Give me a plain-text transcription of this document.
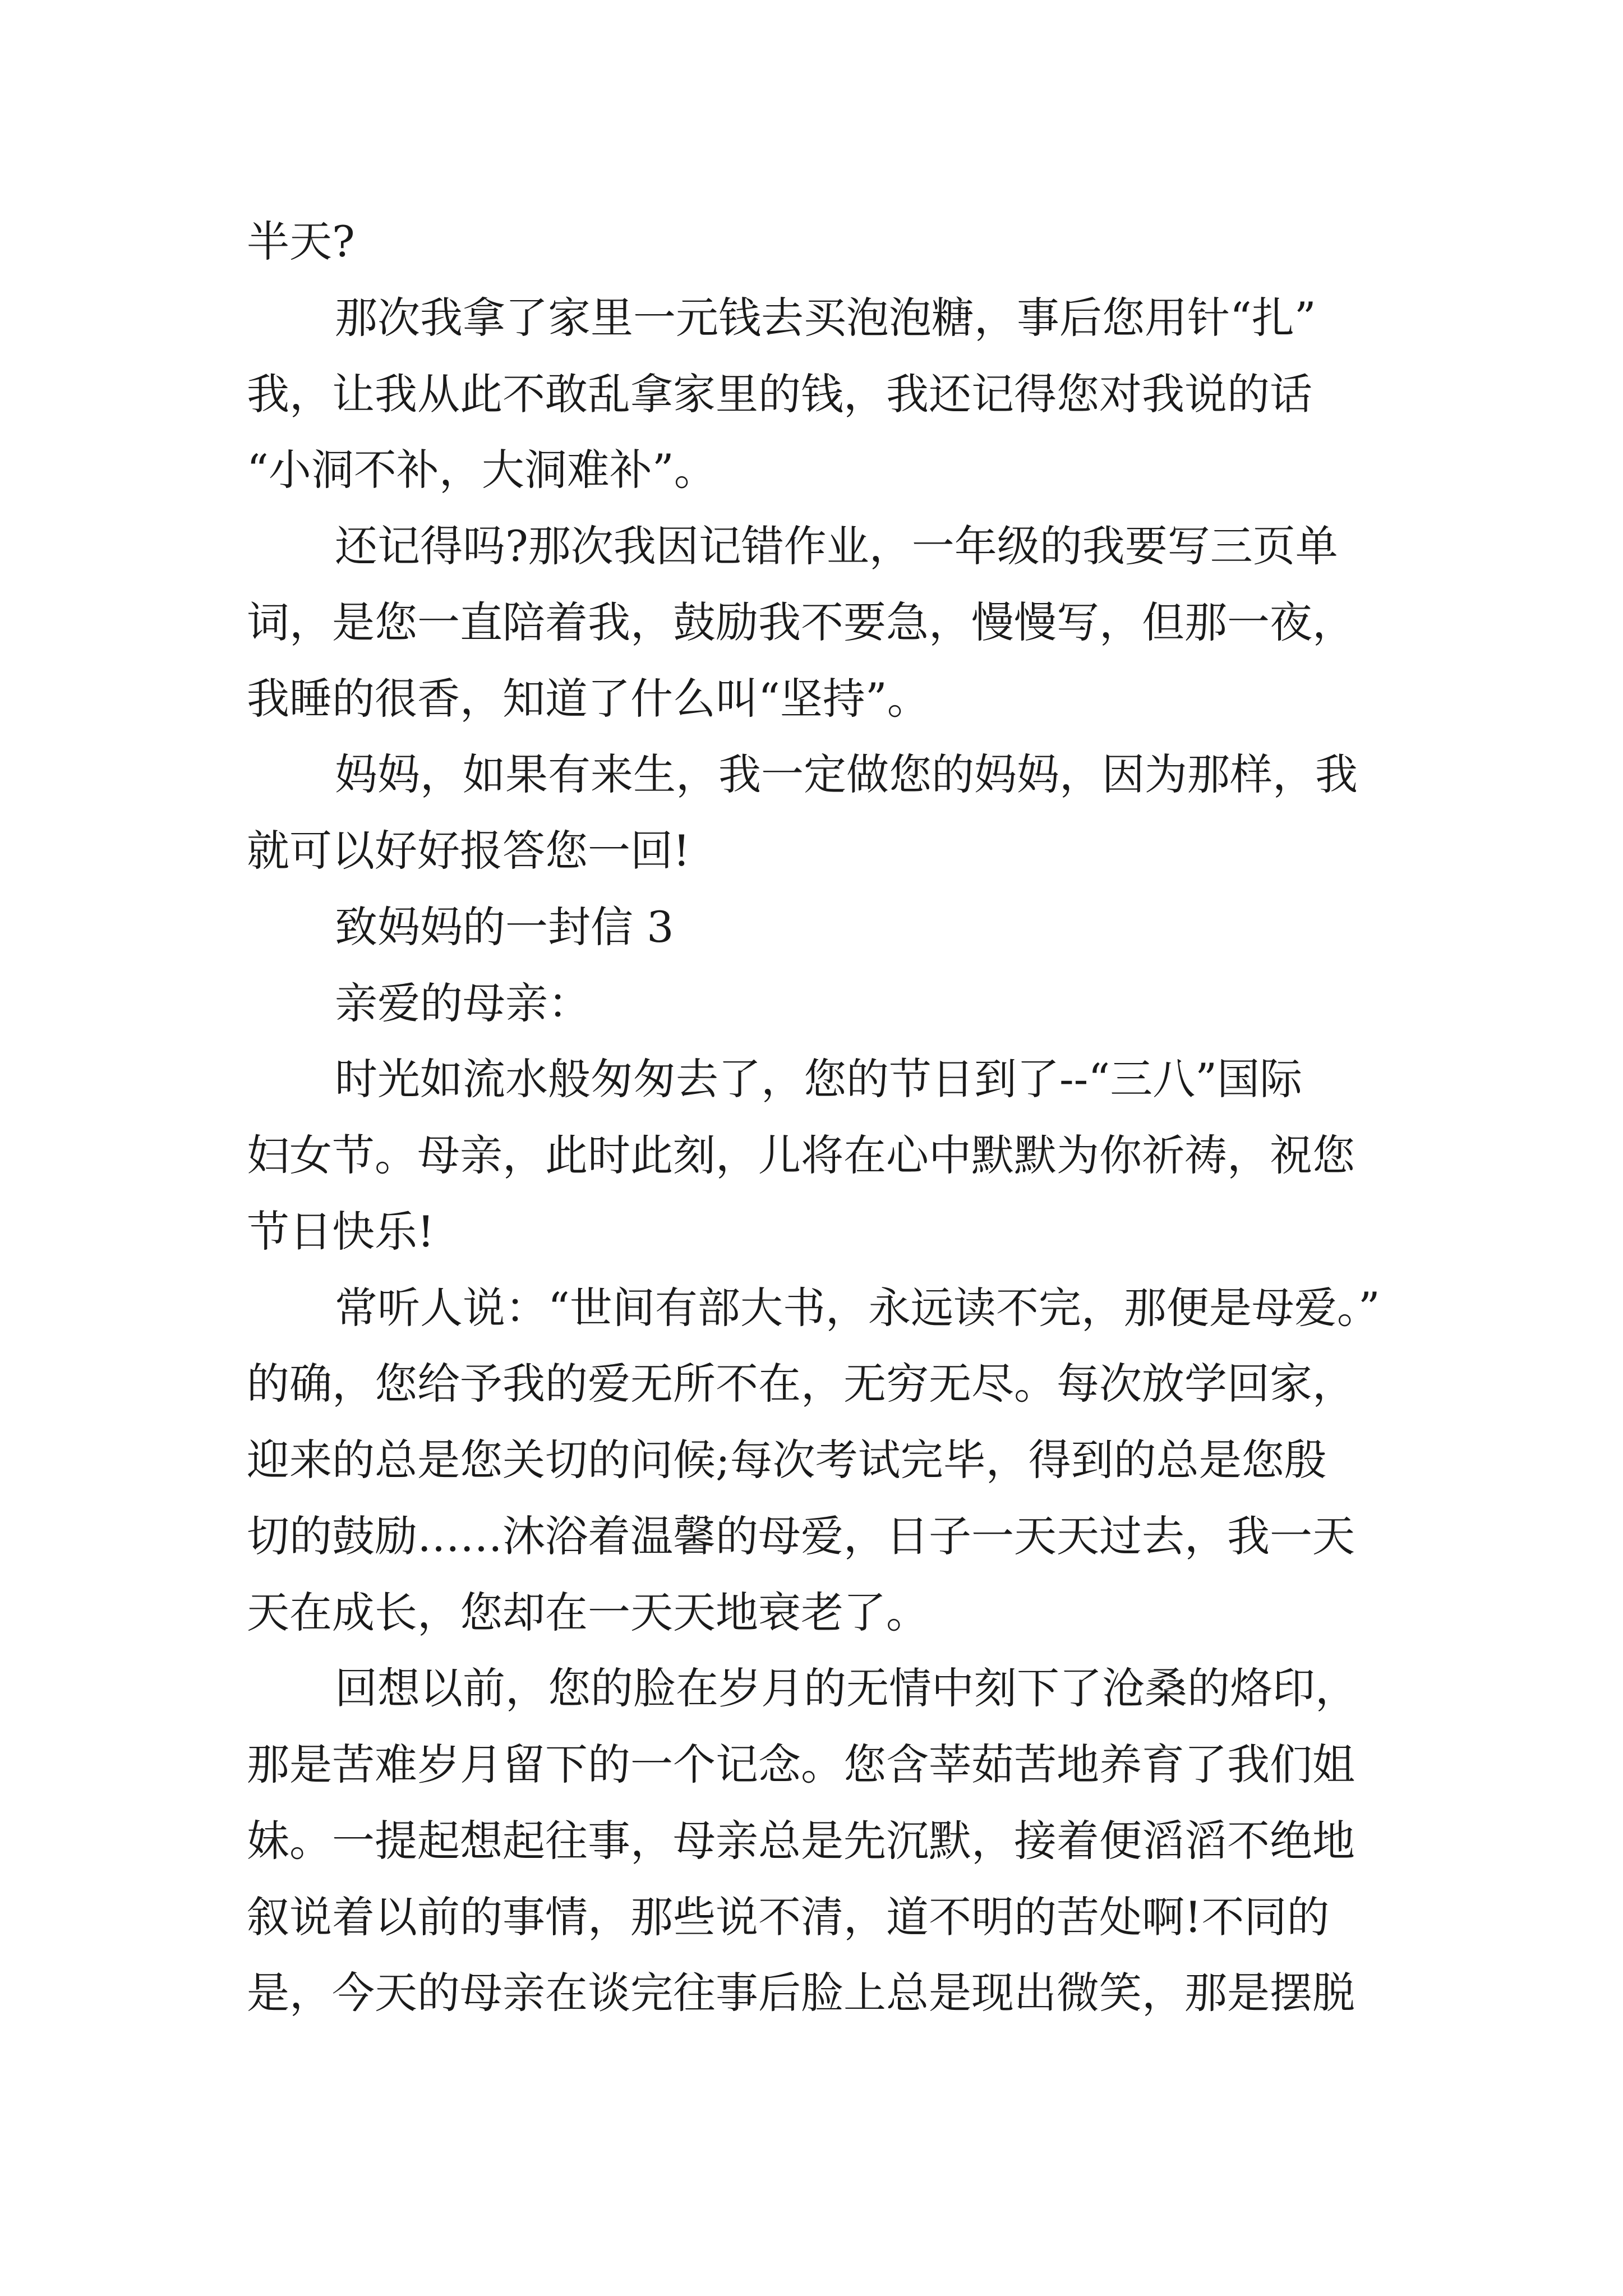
半天?

那次我拿了家里一元钱去买泡泡糖，事后您用针“扎”

我，让我从此不敢乱拿家里的钱，我还记得您对我说的话

“小洞不补，大洞难补”。

还记得吗?那次我因记错作业，一年级的我要写三页单

词，是您一直陪着我，鼓励我不要急，慢慢写，但那一夜，

我睡的很香，知道了什么叫“坚持”。

妈妈，如果有来生，我一定做您的妈妈，因为那样，我

就可以好好报答您一回!

致妈妈的一封信 3

亲爱的母亲：

时光如流水般匆匆去了，您的节日到了--“三八”国际

妇女节。母亲，此时此刻，儿将在心中默默为你祈祷，祝您

节日快乐!

常听人说：“世间有部大书，永远读不完，那便是母爱。”

的确，您给予我的爱无所不在，无穷无尽。每次放学回家，

迎来的总是您关切的问候;每次考试完毕，得到的总是您殷

切的鼓励……沐浴着温馨的母爱，日子一天天过去，我一天

天在成长，您却在一天天地衰老了。

回想以前，您的脸在岁月的无情中刻下了沧桑的烙印，

那是苦难岁月留下的一个记念。您含莘茹苦地养育了我们姐

妹。一提起想起往事，母亲总是先沉默，接着便滔滔不绝地

叙说着以前的事情，那些说不清，道不明的苦处啊!不同的

是，今天的母亲在谈完往事后脸上总是现出微笑，那是摆脱
